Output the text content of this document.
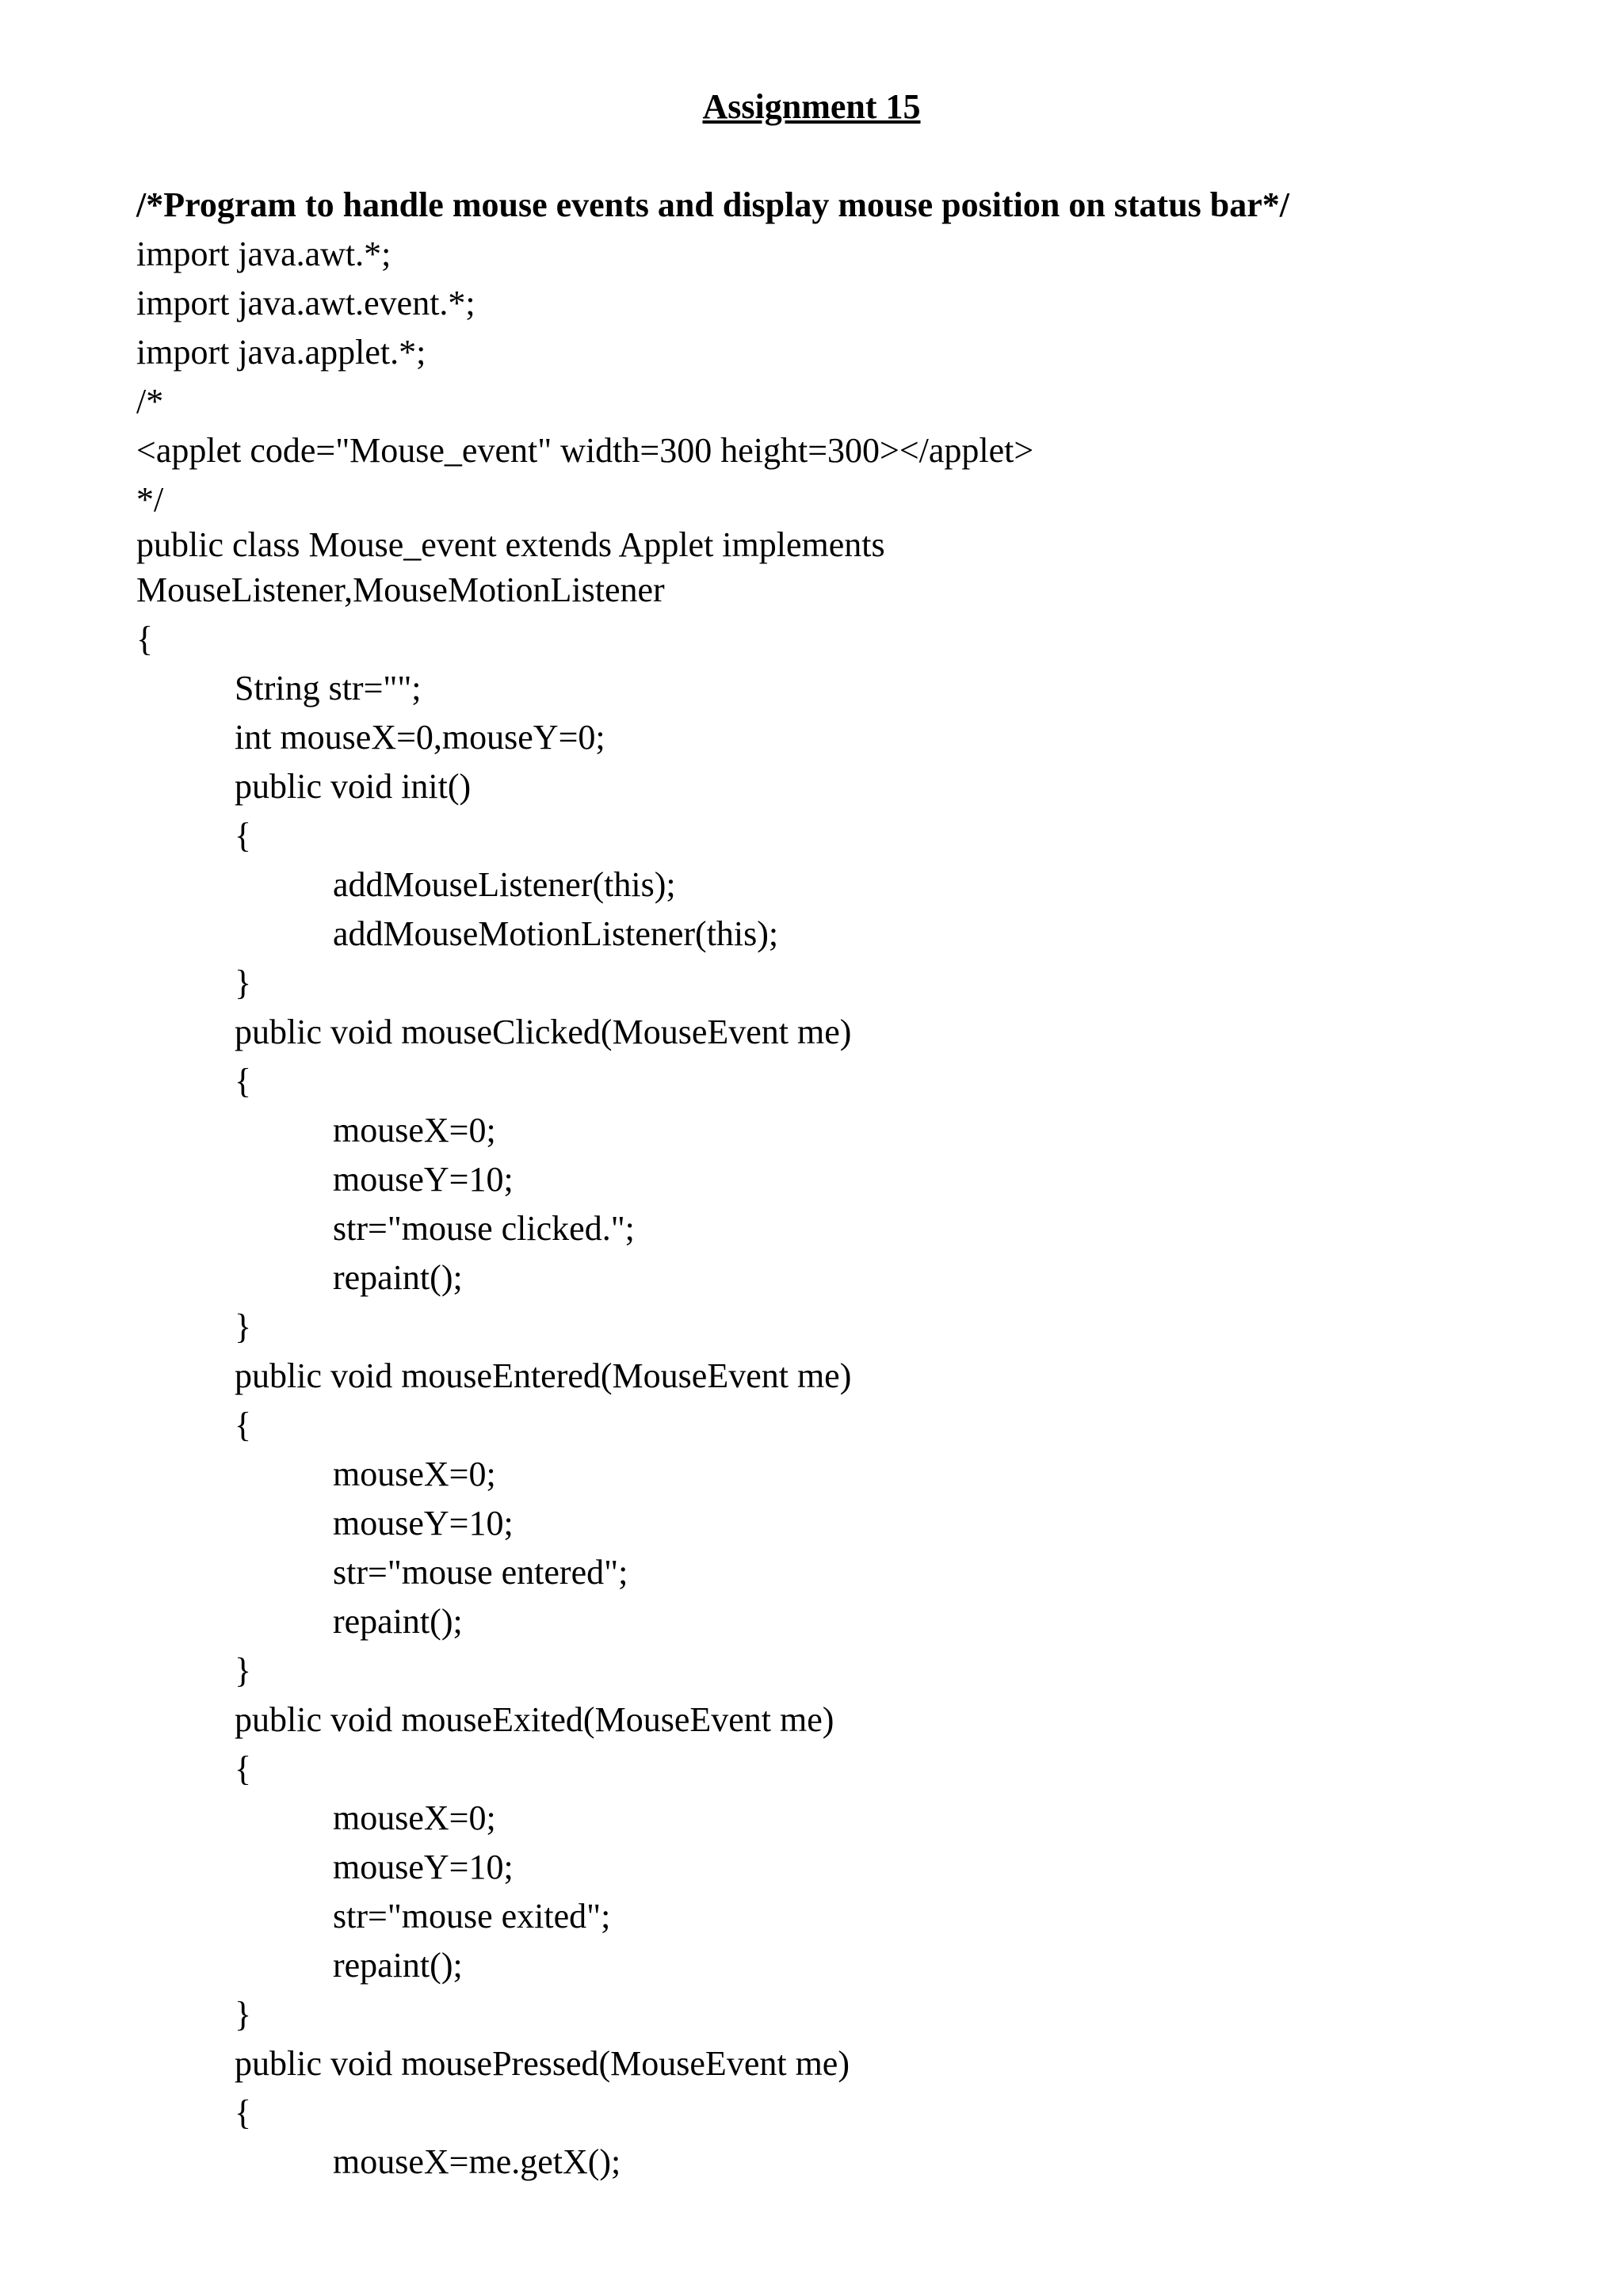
Assignment 15
/*Program to handle mouse events and display mouse position on status bar*/
import java.awt.*;
import java.awt.event.*;
import java.applet.*;
/*
<applet code="Mouse_event" width=300 height=300></applet>
*/
public class Mouse_event extends Applet implements
MouseListener,MouseMotionListener
{
String str="";
int mouseX=0,mouseY=0;
public void init()
{
addMouseListener(this);
addMouseMotionListener(this);
}
public void mouseClicked(MouseEvent me)
{
mouseX=0;
mouseY=10;
str="mouse clicked.";
repaint();
}
public void mouseEntered(MouseEvent me)
{
mouseX=0;
mouseY=10;
str="mouse entered";
repaint();
}
public void mouseExited(MouseEvent me)
{
mouseX=0;
mouseY=10;
str="mouse exited";
repaint();
}
public void mousePressed(MouseEvent me)
{
mouseX=me.getX();
